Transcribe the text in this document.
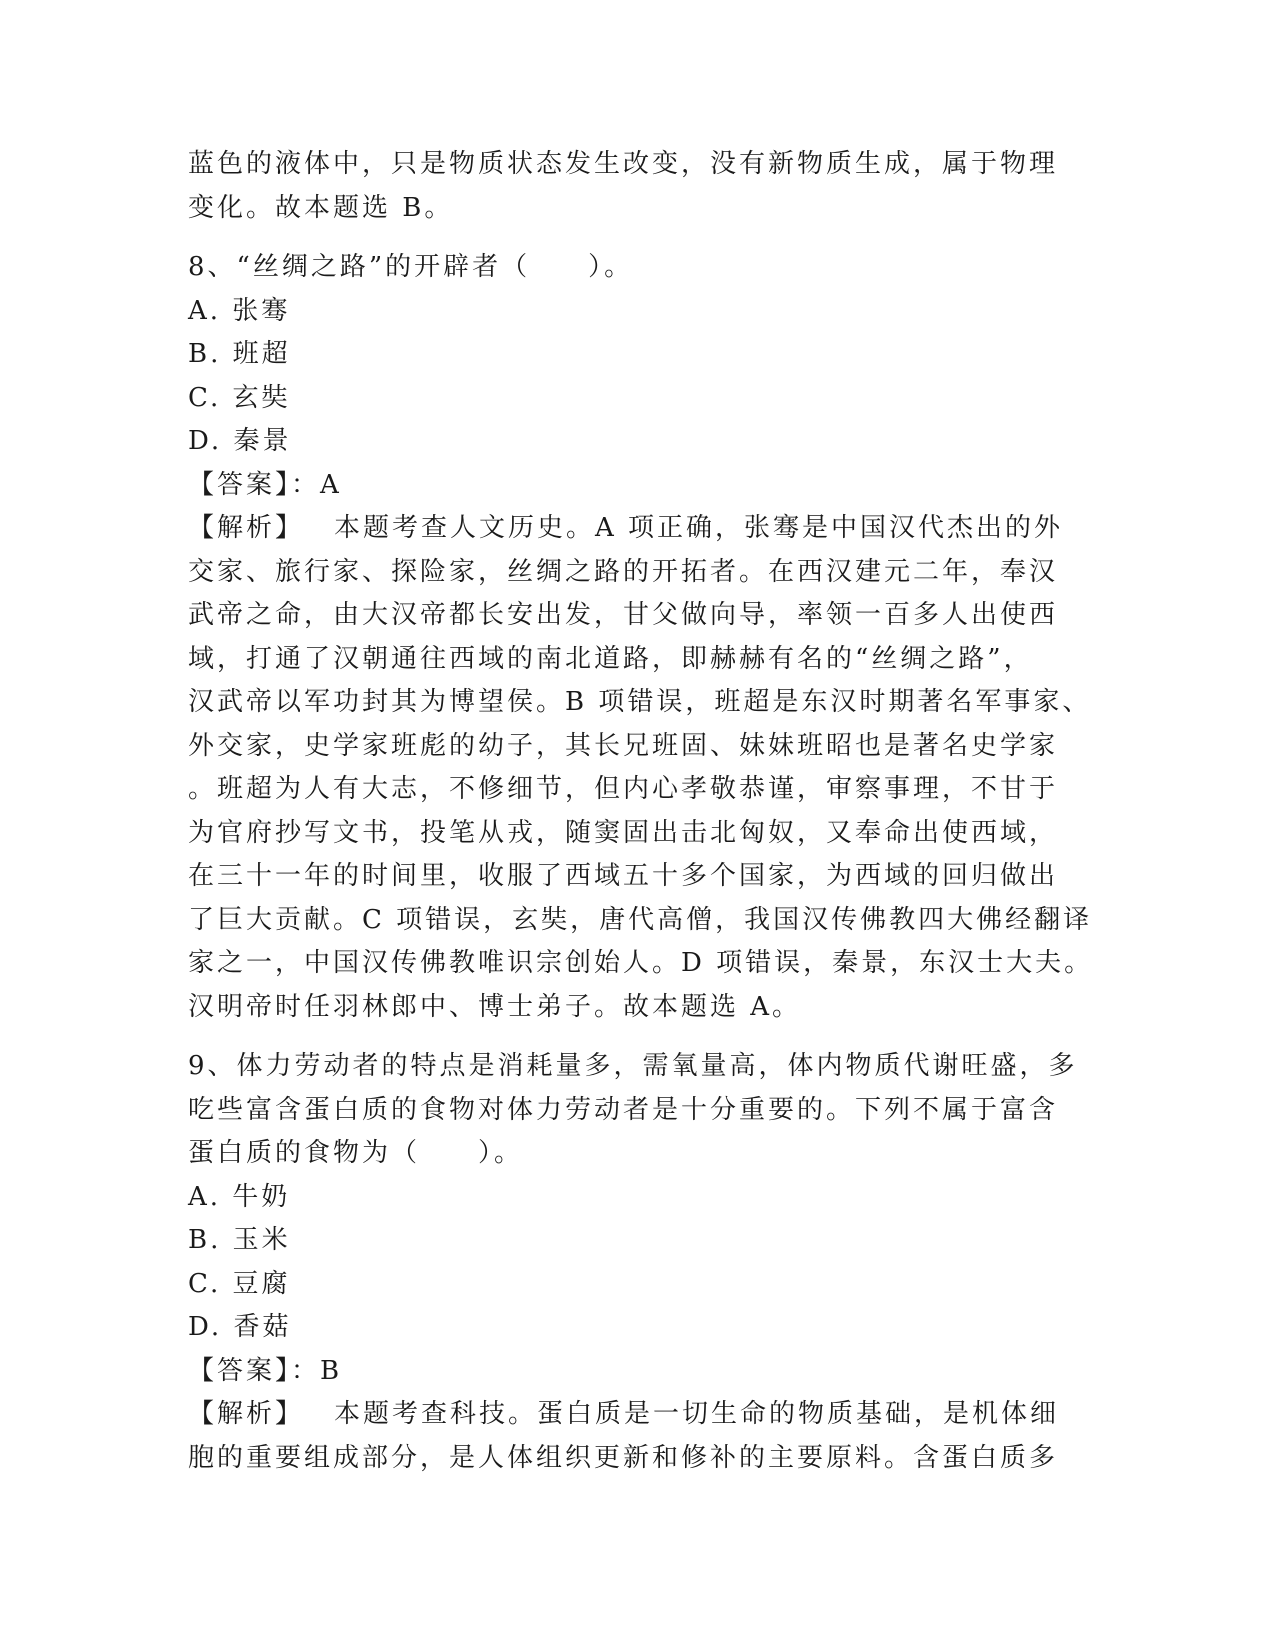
蓝色的液体中，只是物质状态发生改变，没有新物质生成，属于物理
变化。故本题选 B。
8、“丝绸之路”的开辟者（　　）。
A. 张骞
B. 班超
C. 玄奘
D. 秦景
【答案】：A
【解析】 本题考查人文历史。A 项正确，张骞是中国汉代杰出的外
交家、旅行家、探险家，丝绸之路的开拓者。在西汉建元二年，奉汉
武帝之命，由大汉帝都长安出发，甘父做向导，率领一百多人出使西
域，打通了汉朝通往西域的南北道路，即赫赫有名的“丝绸之路”，
汉武帝以军功封其为博望侯。B 项错误，班超是东汉时期著名军事家、
外交家，史学家班彪的幼子，其长兄班固、妹妹班昭也是著名史学家
。班超为人有大志，不修细节，但内心孝敬恭谨，审察事理，不甘于
为官府抄写文书，投笔从戎，随窦固出击北匈奴，又奉命出使西域，
在三十一年的时间里，收服了西域五十多个国家，为西域的回归做出
了巨大贡献。C 项错误，玄奘，唐代高僧，我国汉传佛教四大佛经翻译
家之一，中国汉传佛教唯识宗创始人。D 项错误，秦景，东汉士大夫。
汉明帝时任羽林郎中、博士弟子。故本题选 A。
9、体力劳动者的特点是消耗量多，需氧量高，体内物质代谢旺盛，多
吃些富含蛋白质的食物对体力劳动者是十分重要的。下列不属于富含
蛋白质的食物为（　　）。
A. 牛奶
B. 玉米
C. 豆腐
D. 香菇
【答案】：B
【解析】 本题考查科技。蛋白质是一切生命的物质基础，是机体细
胞的重要组成部分，是人体组织更新和修补的主要原料。含蛋白质多
